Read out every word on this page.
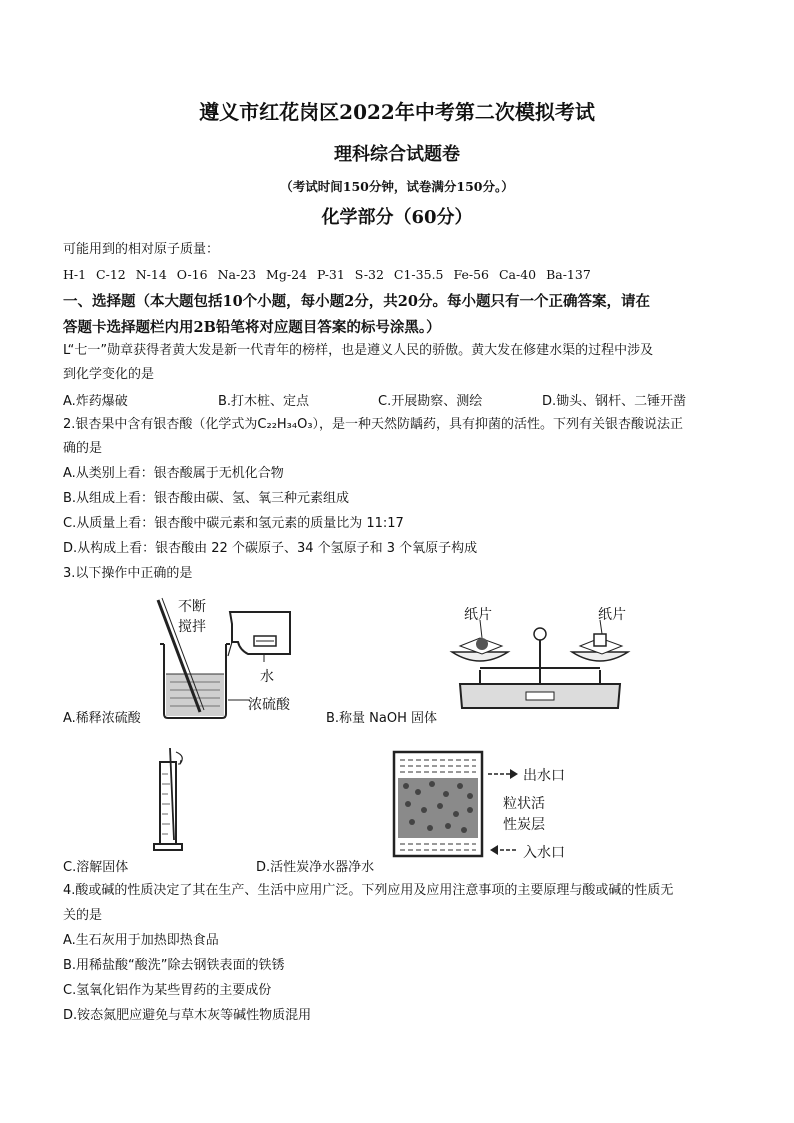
遵义市红花岗区2022年中考第二次模拟考试
理科综合试题卷
（考试时间150分钟，试卷满分150分。）
化学部分（60分）
可能用到的相对原子质量：
H-1 C-12 N-14 O-16 Na-23 Mg-24 P-31 S-32 C1-35.5 Fe-56 Ca-40 Ba-137
一、选择题（本大题包括10个小题，每小题2分，共20分。每小题只有一个正确答案，请在
答题卡选择题栏内用2B铅笔将对应题目答案的标号涂黑。）
L“七一”勋章获得者黄大发是新一代青年的榜样，也是遵义人民的骄傲。黄大发在修建水渠的过程中涉及
到化学变化的是
A.炸药爆破	B.打木桩、定点	C.开展勘察、测绘	D.锄头、钢杆、二锤开凿
2.银杏果中含有银杏酸（化学式为C₂₂H₃₄O₃），是一种天然防龋药，具有抑菌的活性。下列有关银杏酸说法正
确的是
A.从类别上看：银杏酸属于无机化合物
B.从组成上看：银杏酸由碳、氢、氧三种元素组成
C.从质量上看：银杏酸中碳元素和氢元素的质量比为 11:17
D.从构成上看：银杏酸由 22 个碳原子、34 个氢原子和 3 个氧原子构成
3.以下操作中正确的是
不断
搅拌
水
浓硫酸
纸片	纸片
A.稀释浓硫酸	B.称量 NaOH 固体
出水口
粒状活
性炭层
入水口
C.溶解固体	D.活性炭净水器净水
4.酸或碱的性质决定了其在生产、生活中应用广泛。下列应用及应用注意事项的主要原理与酸或碱的性质无
关的是
A.生石灰用于加热即热食品
B.用稀盐酸“酸洗”除去钢铁表面的铁锈
C.氢氧化铝作为某些胃药的主要成份
D.铵态氮肥应避免与草木灰等碱性物质混用
